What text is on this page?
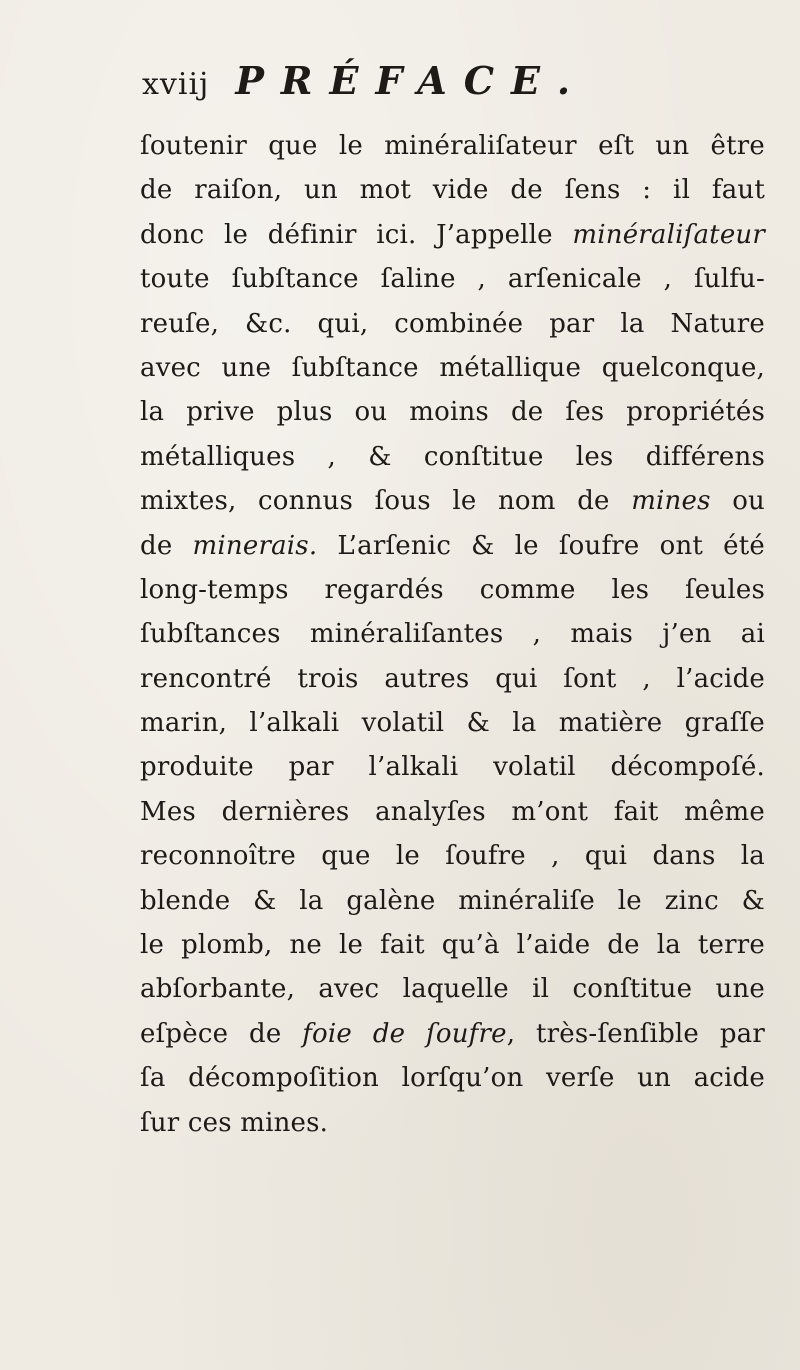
xviij PRÉFACE.
ſoutenir que le minéraliſateur eſt un être
de raiſon, un mot vide de ſens : il faut
donc le définir ici. J’appelle minéraliſateur
toute ſubſtance ſaline , arſenicale , ſulfu-
reuſe, &c. qui, combinée par la Nature
avec une ſubſtance métallique quelconque,
la prive plus ou moins de ſes propriétés
métalliques , & conſtitue les différens
mixtes, connus ſous le nom de mines ou
de minerais. L’arſenic & le ſoufre ont été
long-temps regardés comme les ſeules
ſubſtances minéraliſantes , mais j’en ai
rencontré trois autres qui ſont , l’acide
marin, l’alkali volatil & la matière graſſe
produite par l’alkali volatil décompoſé.
Mes dernières analyſes m’ont fait même
reconnoître que le ſoufre , qui dans la
blende & la galène minéraliſe le zinc &
le plomb, ne le fait qu’à l’aide de la terre
abſorbante, avec laquelle il conſtitue une
eſpèce de foie de ſoufre, très-ſenſible par
ſa décompoſition lorſqu’on verſe un acide
ſur ces mines.
